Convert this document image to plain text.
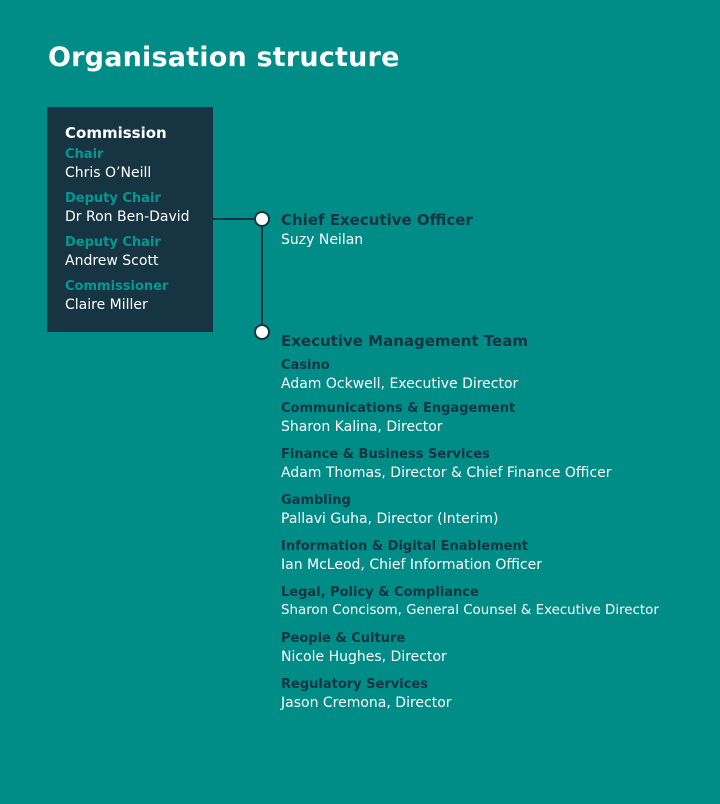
Organisation structure
Commission
Chair
Chris O’Neill
Deputy Chair
Dr Ron Ben-David
Deputy Chair
Andrew Scott
Commissioner
Claire Miller
Chief Executive Officer
Suzy Neilan
Executive Management Team
Casino
Adam Ockwell, Executive Director
Communications & Engagement
Sharon Kalina, Director
Finance & Business Services
Adam Thomas, Director & Chief Finance Officer
Gambling
Pallavi Guha, Director (Interim)
Information & Digital Enablement
Ian McLeod, Chief Information Officer
Legal, Policy & Compliance
Sharon Concisom, General Counsel & Executive Director
People & Culture
Nicole Hughes, Director
Regulatory Services
Jason Cremona, Director
